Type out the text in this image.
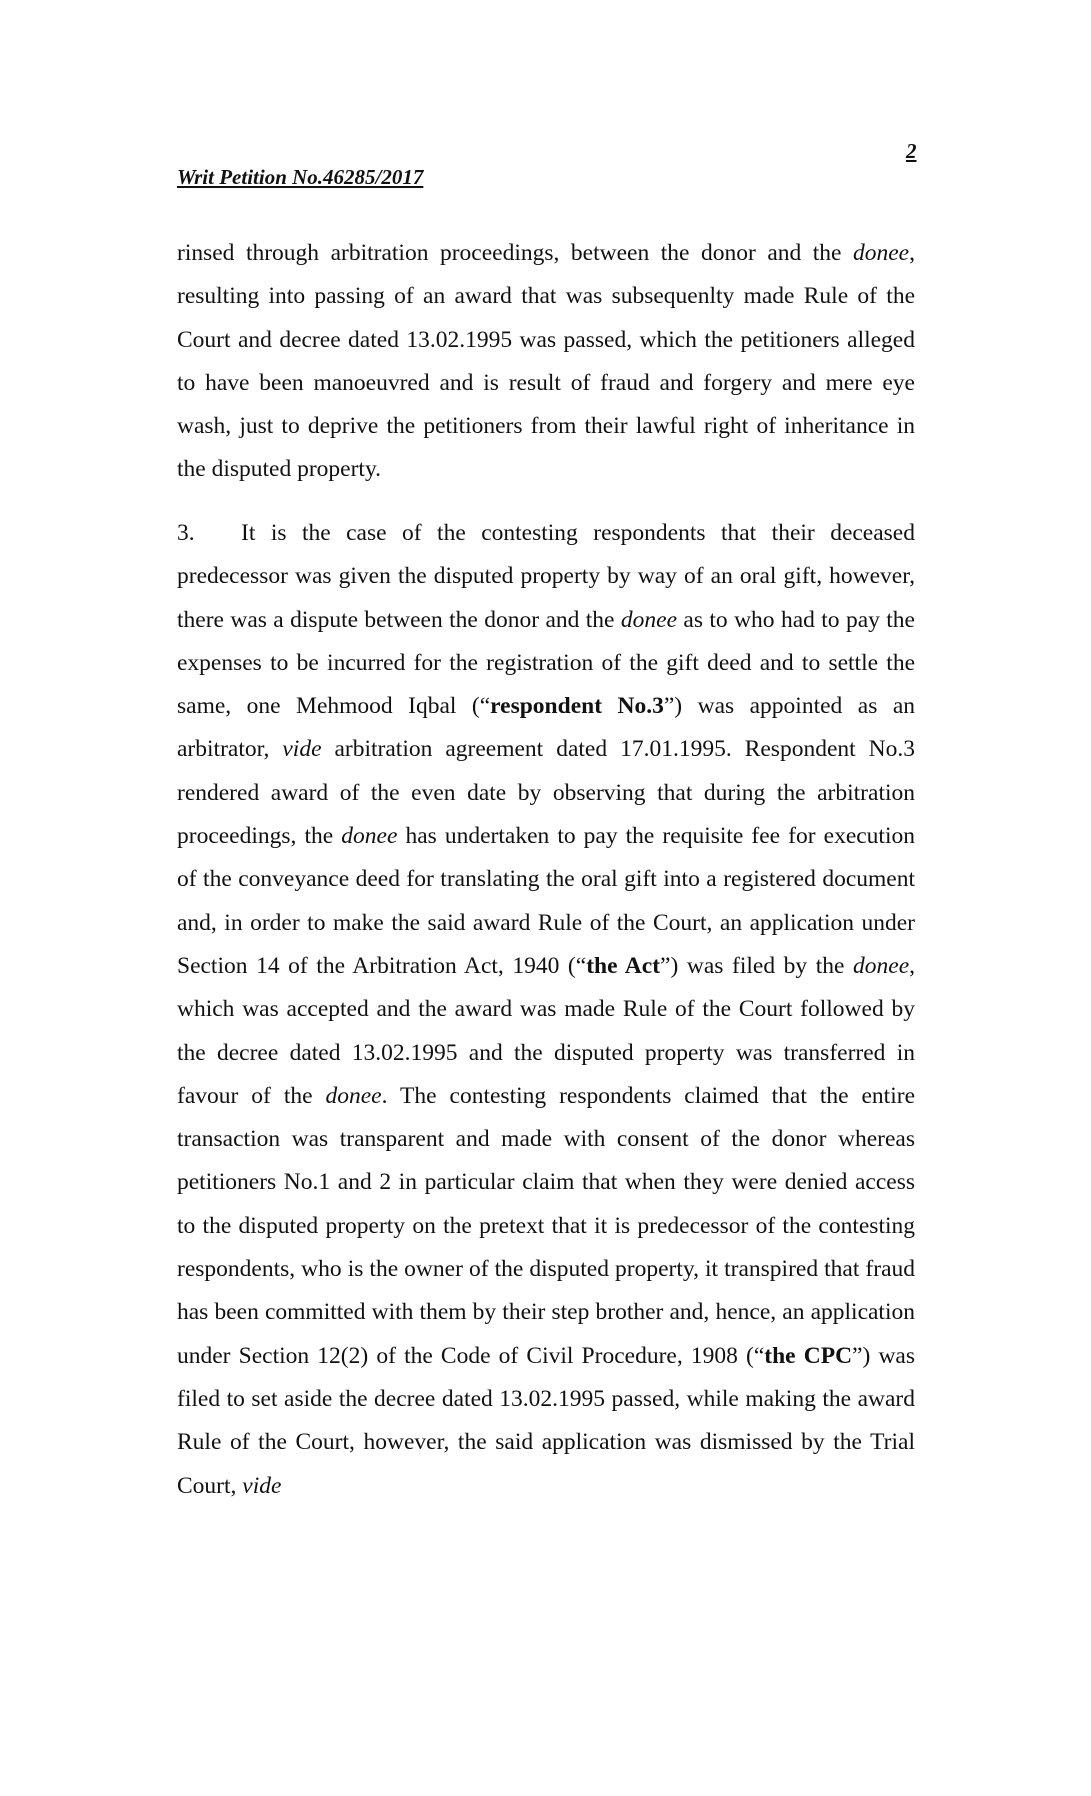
2
Writ Petition No.46285/2017

rinsed through arbitration proceedings, between the donor and the donee, resulting into passing of an award that was subsequenlty made Rule of the Court and decree dated 13.02.1995 was passed, which the petitioners alleged to have been manoeuvred and is result of fraud and forgery and mere eye wash, just to deprive the petitioners from their lawful right of inheritance in the disputed property.

3. It is the case of the contesting respondents that their deceased predecessor was given the disputed property by way of an oral gift, however, there was a dispute between the donor and the donee as to who had to pay the expenses to be incurred for the registration of the gift deed and to settle the same, one Mehmood Iqbal (“respondent No.3”) was appointed as an arbitrator, vide arbitration agreement dated 17.01.1995. Respondent No.3 rendered award of the even date by observing that during the arbitration proceedings, the donee has undertaken to pay the requisite fee for execution of the conveyance deed for translating the oral gift into a registered document and, in order to make the said award Rule of the Court, an application under Section 14 of the Arbitration Act, 1940 (“the Act”) was filed by the donee, which was accepted and the award was made Rule of the Court followed by the decree dated 13.02.1995 and the disputed property was transferred in favour of the donee. The contesting respondents claimed that the entire transaction was transparent and made with consent of the donor whereas petitioners No.1 and 2 in particular claim that when they were denied access to the disputed property on the pretext that it is predecessor of the contesting respondents, who is the owner of the disputed property, it transpired that fraud has been committed with them by their step brother and, hence, an application under Section 12(2) of the Code of Civil Procedure, 1908 (“the CPC”) was filed to set aside the decree dated 13.02.1995 passed, while making the award Rule of the Court, however, the said application was dismissed by the Trial Court, vide
